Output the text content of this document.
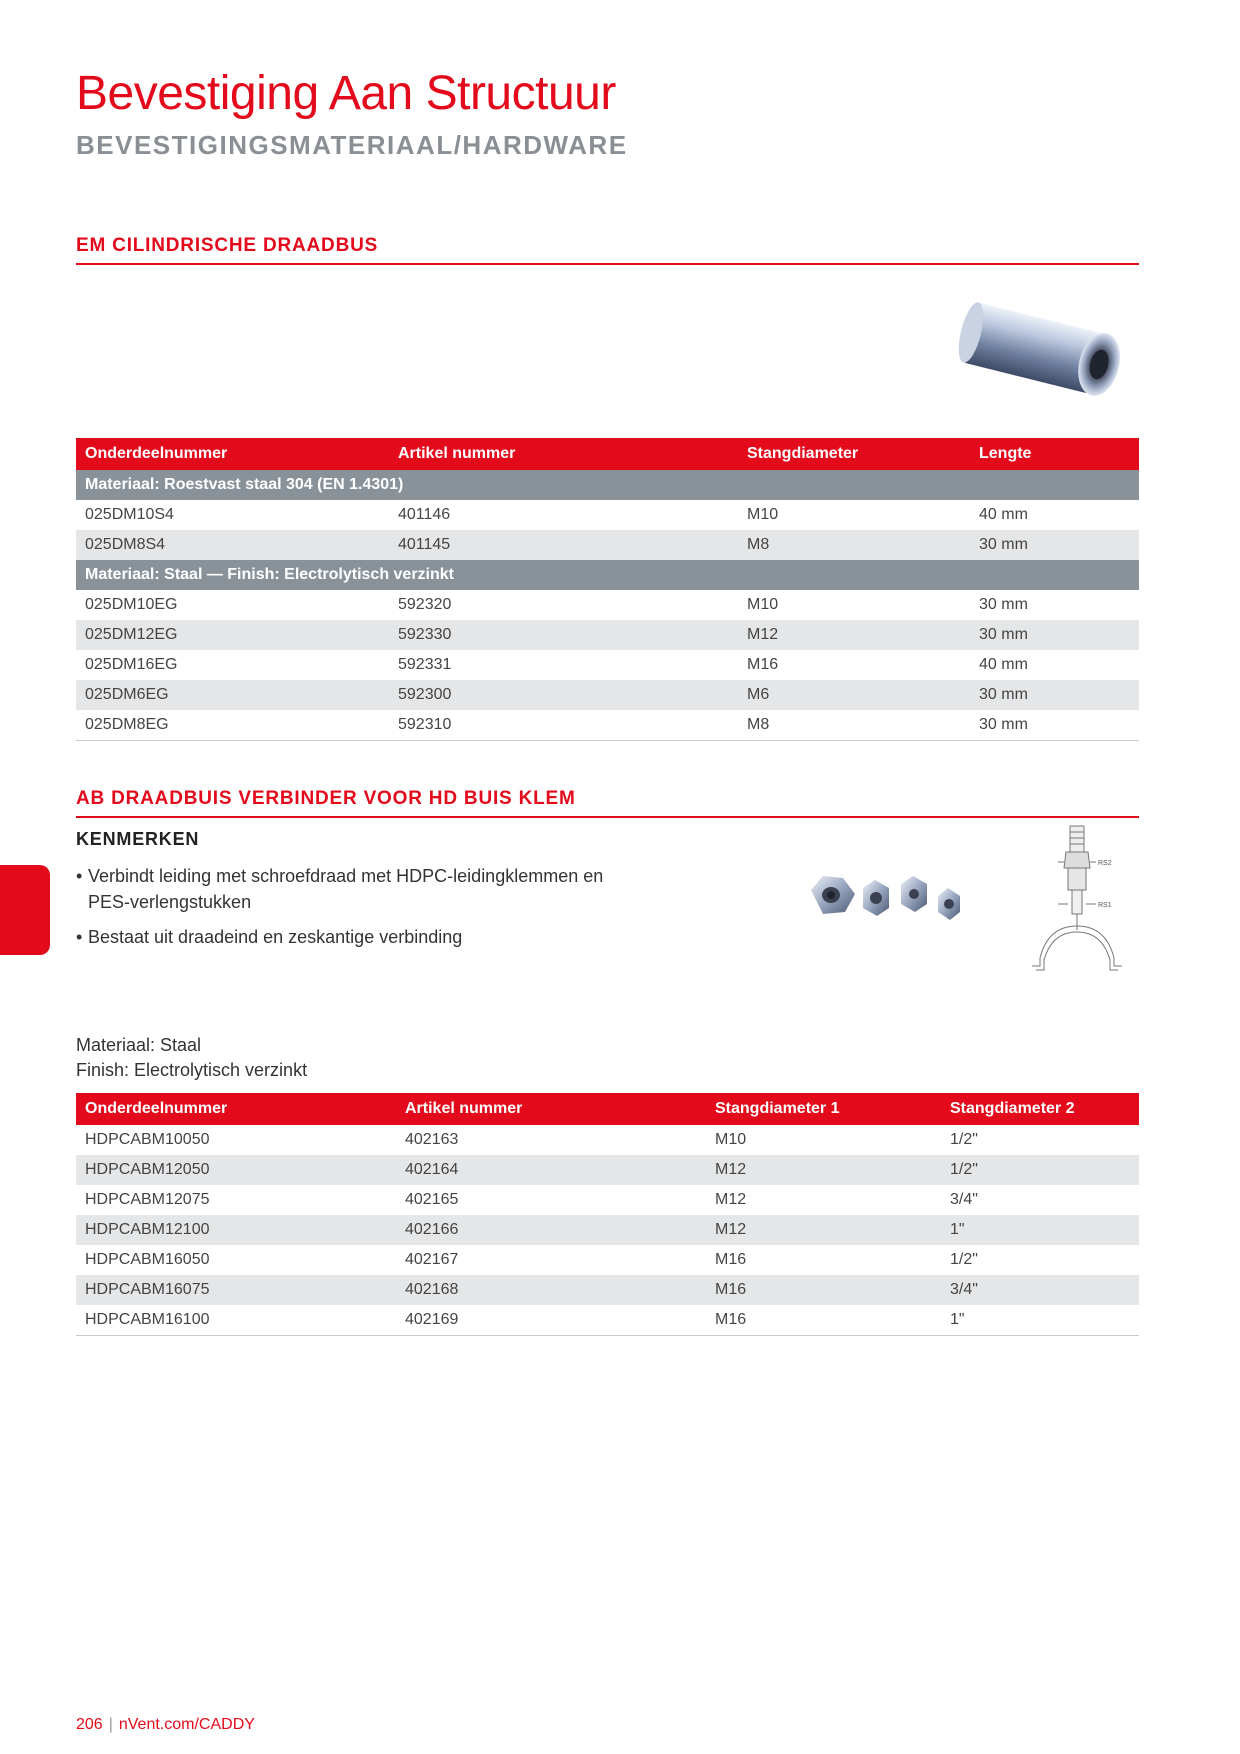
Bevestiging Aan Structuur
BEVESTIGINGSMATERIAAL/HARDWARE
EM CILINDRISCHE DRAADBUS
Onderdeelnummer	Artikel nummer	Stangdiameter	Lengte
Materiaal: Roestvast staal 304 (EN 1.4301)			
025DM10S4	401146	M10	40 mm
025DM8S4	401145	M8	30 mm
Materiaal: Staal — Finish: Electrolytisch verzinkt			
025DM10EG	592320	M10	30 mm
025DM12EG	592330	M12	30 mm
025DM16EG	592331	M16	40 mm
025DM6EG	592300	M6	30 mm
025DM8EG	592310	M8	30 mm
AB DRAADBUIS VERBINDER VOOR HD BUIS KLEM
KENMERKEN
• Verbindt leiding met schroefdraad met HDPC-leidingklemmen en PES-verlengstukken
• Bestaat uit draadeind en zeskantige verbinding
RS2
RS1
Materiaal: Staal
Finish: Electrolytisch verzinkt
Onderdeelnummer	Artikel nummer	Stangdiameter 1	Stangdiameter 2
HDPCABM10050	402163	M10	1/2"
HDPCABM12050	402164	M12	1/2"
HDPCABM12075	402165	M12	3/4"
HDPCABM12100	402166	M12	1"
HDPCABM16050	402167	M16	1/2"
HDPCABM16075	402168	M16	3/4"
HDPCABM16100	402169	M16	1"
206 | nVent.com/CADDY
